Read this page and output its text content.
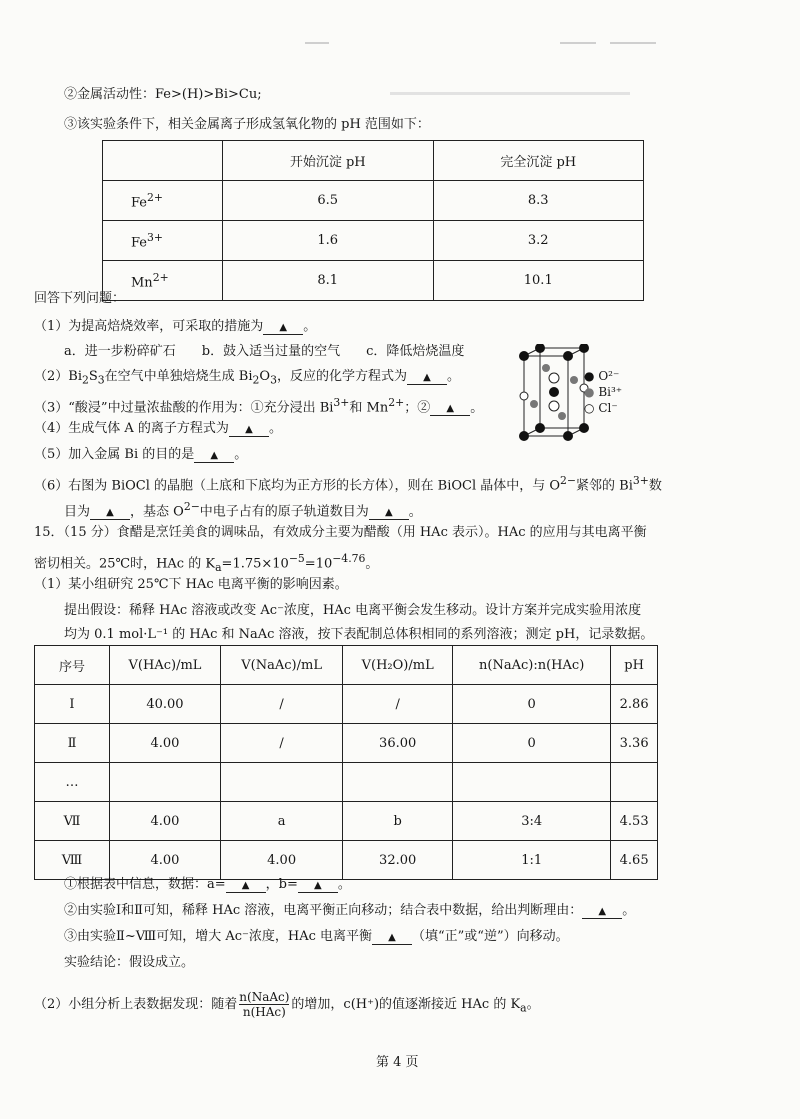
②金属活动性：Fe>(H)>Bi>Cu;
③该实验条件下，相关金属离子形成氢氧化物的 pH 范围如下：
	开始沉淀 pH	完全沉淀 pH
$Fe^{2+}$	6.5	8.3
$Fe^{3+}$	1.6	3.2
$Mn^{2+}$	8.1	10.1
回答下列问题：
（1）为提高焙烧效率，可采取的措施为 ▲ 。
a．进一步粉碎矿石　　b．鼓入适当过量的空气　　c．降低焙烧温度
$(2)Bi_2S_3$在空气中单独焙烧生成 $Bi_2O_3$，反应的化学方程式为 ▲ 。
（3）“酸浸”中过量浓盐酸的作用为：①充分浸出 $Bi^{3+}$和 $Mn^{2+}$；② ▲ 。
（4）生成气体 A 的离子方程式为 ▲ 。
（5）加入金属 Bi 的目的是 ▲ 。
● O²⁻
● Bi³⁺
○ Cl⁻
（6）右图为 BiOCl 的晶胞（上底和下底均为正方形的长方体），则在 BiOCl 晶体中，与 $O^{2-}$紧邻的 $Bi^{3+}$数
目为 ▲ ，基态 $O^{2-}$中电子占有的原子轨道数目为 ▲ 。
15．（15 分）食醋是烹饪美食的调味品，有效成分主要为醋酸（用 HAc 表示）。HAc 的应用与其电离平衡
密切相关。25℃时，HAc 的 $K_a=1.75\times 10^{-5}=10^{-4.76}$。
（1）某小组研究 25℃下 HAc 电离平衡的影响因素。
提出假设：稀释 HAc 溶液或改变 Ac⁻浓度，HAc 电离平衡会发生移动。设计方案并完成实验用浓度
均为 0.1 mol·L⁻¹ 的 HAc 和 NaAc 溶液，按下表配制总体积相同的系列溶液；测定 pH，记录数据。
序号	V(HAc)/mL	V(NaAc)/mL	V(H₂O)/mL	n(NaAc):n(HAc)	pH
Ⅰ	40.00	/	/	0	2.86
Ⅱ	4.00	/	36.00	0	3.36
…					
Ⅶ	4.00	a	b	3:4	4.53
Ⅷ	4.00	4.00	32.00	1:1	4.65
①根据表中信息，数据：a= ▲ ，b= ▲ 。
②由实验Ⅰ和Ⅱ可知，稀释 HAc 溶液，电离平衡正向移动；结合表中数据，给出判断理由： ▲ 。
③由实验Ⅱ~Ⅷ可知，增大 Ac⁻浓度，HAc 电离平衡 ▲ （填“正”或“逆”）向移动。
实验结论：假设成立。
（2）小组分析上表数据发现：随着 n(NaAc)
n(HAc) 的增加，c(H⁺)的值逐渐接近 HAc 的 $K_a$。
第 4 页
